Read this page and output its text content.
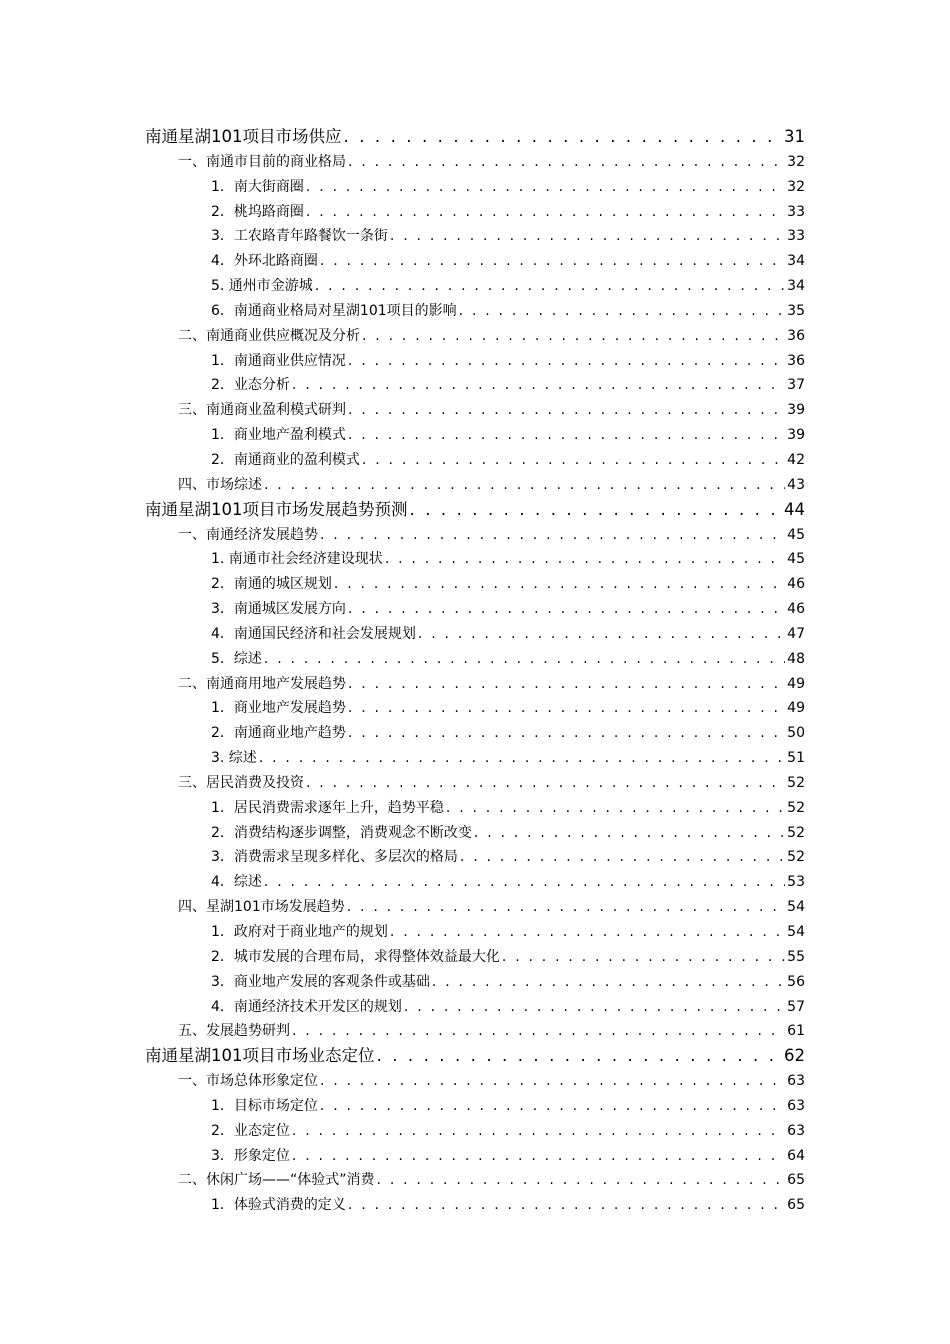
南通星湖101项目市场供应 . . .	31
一、南通市目前的商业格局 . . .	32
1．南大街商圈 . . .	32
2．桃坞路商圈 . . .	33
3．工农路青年路餐饮一条街 . . .	33
4．外环北路商圈 . . .	34
5. 通州市金游城 . . .	34
6．南通商业格局对星湖101项目的影响 . . .	35
二、南通商业供应概况及分析 . . .	36
1．南通商业供应情况 . . .	36
2．业态分析 . . .	37
三、南通商业盈利模式研判 . . .	39
1．商业地产盈利模式 . . .	39
2．南通商业的盈利模式 . . .	42
四、市场综述 . . .	43
南通星湖101项目市场发展趋势预测 . . .	44
一、南通经济发展趋势 . . .	45
1. 南通市社会经济建设现状 . . .	45
2．南通的城区规划 . . .	46
3．南通城区发展方向 . . .	46
4．南通国民经济和社会发展规划 . . .	47
5．综述 . . .	48
二、南通商用地产发展趋势 . . .	49
1．商业地产发展趋势 . . .	49
2．南通商业地产趋势 . . .	50
3. 综述 . . .	51
三、居民消费及投资 . . .	52
1．居民消费需求逐年上升，趋势平稳 . . .	52
2．消费结构逐步调整，消费观念不断改变 . . .	52
3．消费需求呈现多样化、多层次的格局 . . .	52
4．综述 . . .	53
四、星湖101市场发展趋势 . . .	54
1．政府对于商业地产的规划 . . .	54
2．城市发展的合理布局，求得整体效益最大化 . . .	55
3．商业地产发展的客观条件或基础 . . .	56
4．南通经济技术开发区的规划 . . .	57
五、发展趋势研判 . . .	61
南通星湖101项目市场业态定位 . . .	62
一、市场总体形象定位 . . .	63
1．目标市场定位 . . .	63
2．业态定位 . . .	63
3．形象定位 . . .	64
二、休闲广场——“体验式”消费 . . .	65
1．体验式消费的定义 . . .	65
